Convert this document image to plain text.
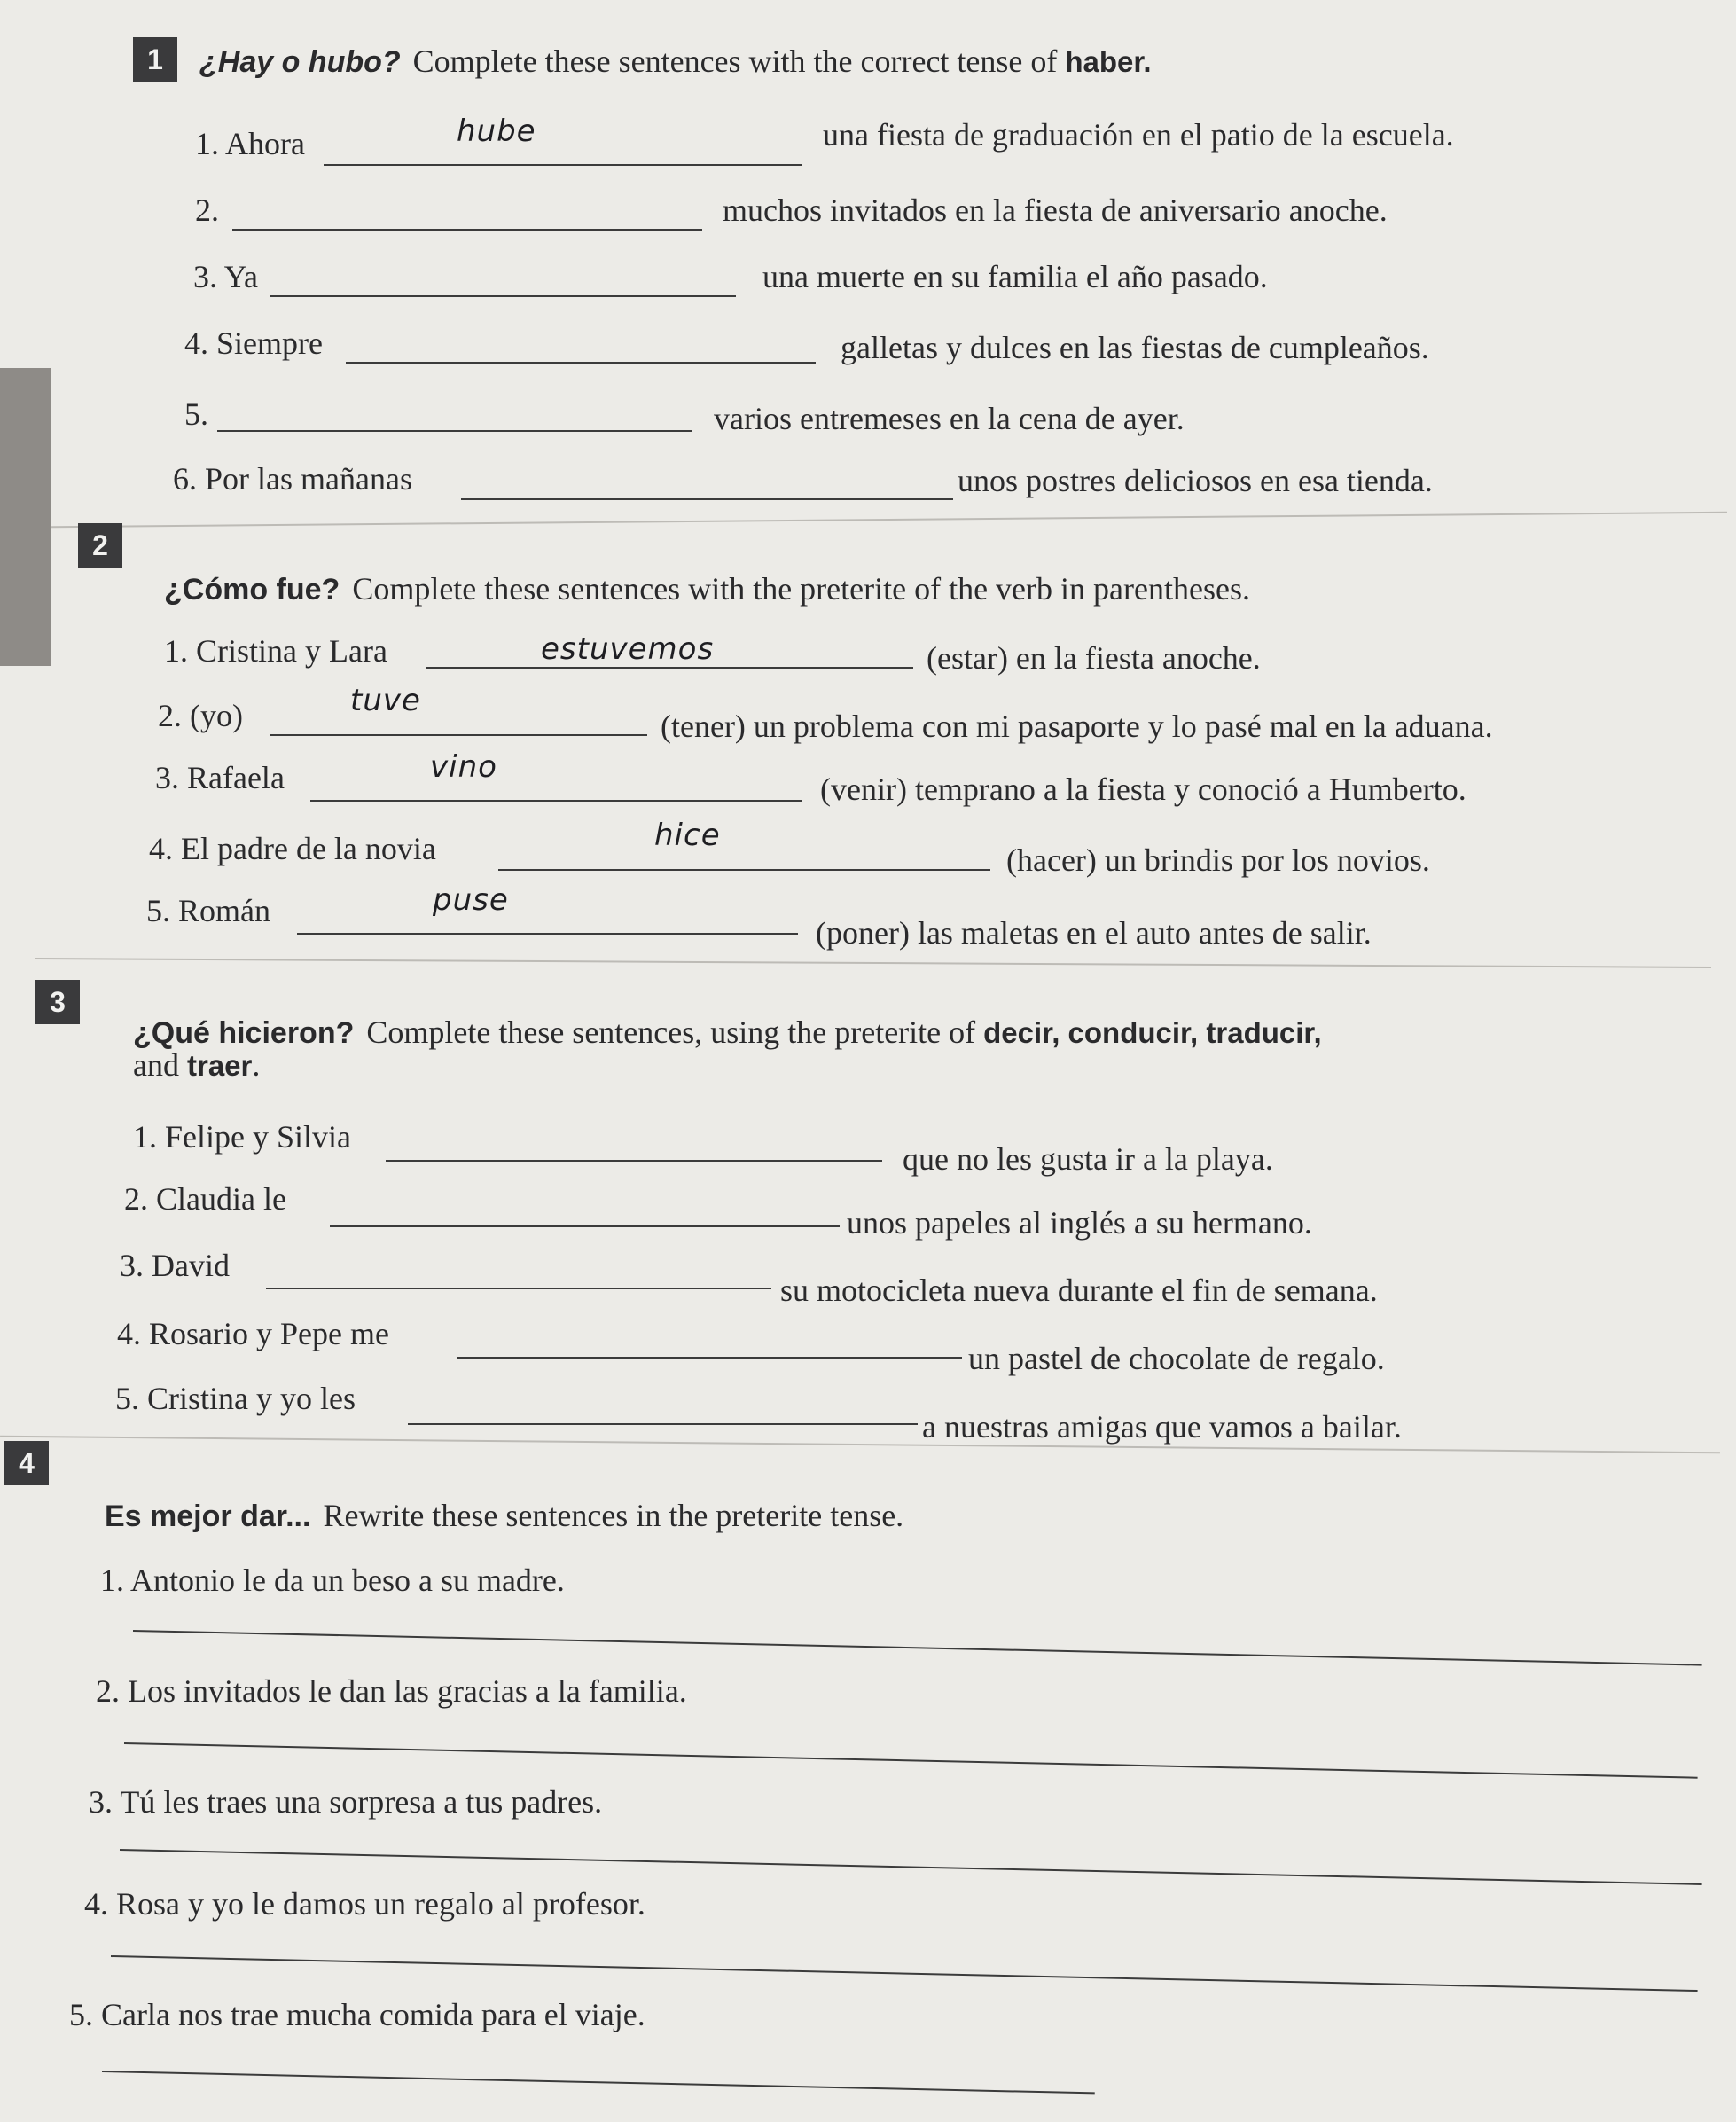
1	¿Hay o hubo? Complete these sentences with the correct tense of haber.
1. Ahora	hube	una fiesta de graduación en el patio de la escuela.
2.	muchos invitados en la fiesta de aniversario anoche.
3. Ya	una muerte en su familia el año pasado.
4. Siempre	galletas y dulces en las fiestas de cumpleaños.
5.	varios entremeses en la cena de ayer.
6. Por las mañanas	unos postres deliciosos en esa tienda.
2
¿Cómo fue? Complete these sentences with the preterite of the verb in parentheses.
1. Cristina y Lara	estuvemos	(estar) en la fiesta anoche.
2. (yo)	tuve
(tener) un problema con mi pasaporte y lo pasé mal en la aduana.
3. Rafaela	vino
(venir) temprano a la fiesta y conoció a Humberto.
4. El padre de la novia	hice
(hacer) un brindis por los novios.
5. Román	puse
(poner) las maletas en el auto antes de salir.
3
¿Qué hicieron? Complete these sentences, using the preterite of decir, conducir, traducir,
and traer.
1. Felipe y Silvia
que no les gusta ir a la playa.
2. Claudia le
unos papeles al inglés a su hermano.
3. David
su motocicleta nueva durante el fin de semana.
4. Rosario y Pepe me
un pastel de chocolate de regalo.
5. Cristina y yo les
a nuestras amigas que vamos a bailar.
4
Es mejor dar... Rewrite these sentences in the preterite tense.
1. Antonio le da un beso a su madre.
2. Los invitados le dan las gracias a la familia.
3. Tú les traes una sorpresa a tus padres.
4. Rosa y yo le damos un regalo al profesor.
5. Carla nos trae mucha comida para el viaje.
